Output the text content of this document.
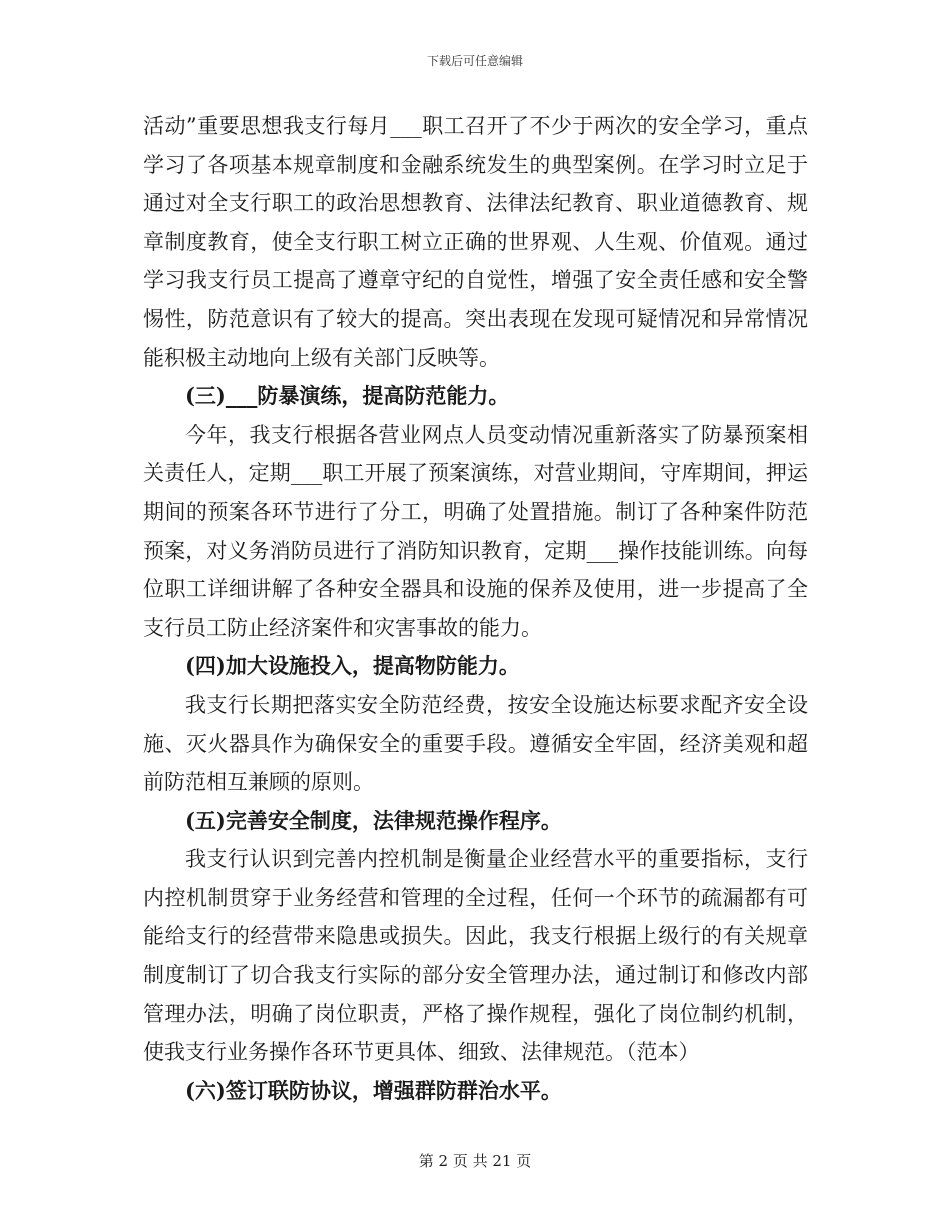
下载后可任意编辑

活动”重要思想我支行每月___职工召开了不少于两次的安全学习，重点学习了各项基本规章制度和金融系统发生的典型案例。在学习时立足于通过对全支行职工的政治思想教育、法律法纪教育、职业道德教育、规章制度教育，使全支行职工树立正确的世界观、人生观、价值观。通过学习我支行员工提高了遵章守纪的自觉性，增强了安全责任感和安全警惕性，防范意识有了较大的提高。突出表现在发现可疑情况和异常情况能积极主动地向上级有关部门反映等。

(三)___防暴演练，提高防范能力。

今年，我支行根据各营业网点人员变动情况重新落实了防暴预案相关责任人，定期___职工开展了预案演练，对营业期间，守库期间，押运期间的预案各环节进行了分工，明确了处置措施。制订了各种案件防范预案，对义务消防员进行了消防知识教育，定期___操作技能训练。向每位职工详细讲解了各种安全器具和设施的保养及使用，进一步提高了全支行员工防止经济案件和灾害事故的能力。

(四)加大设施投入，提高物防能力。

我支行长期把落实安全防范经费，按安全设施达标要求配齐安全设施、灭火器具作为确保安全的重要手段。遵循安全牢固，经济美观和超前防范相互兼顾的原则。

(五)完善安全制度，法律规范操作程序。

我支行认识到完善内控机制是衡量企业经营水平的重要指标，支行内控机制贯穿于业务经营和管理的全过程，任何一个环节的疏漏都有可能给支行的经营带来隐患或损失。因此，我支行根据上级行的有关规章制度制订了切合我支行实际的部分安全管理办法，通过制订和修改内部管理办法，明确了岗位职责，严格了操作规程，强化了岗位制约机制，使我支行业务操作各环节更具体、细致、法律规范。（范本）

(六)签订联防协议，增强群防群治水平。

第 2 页 共 21 页
